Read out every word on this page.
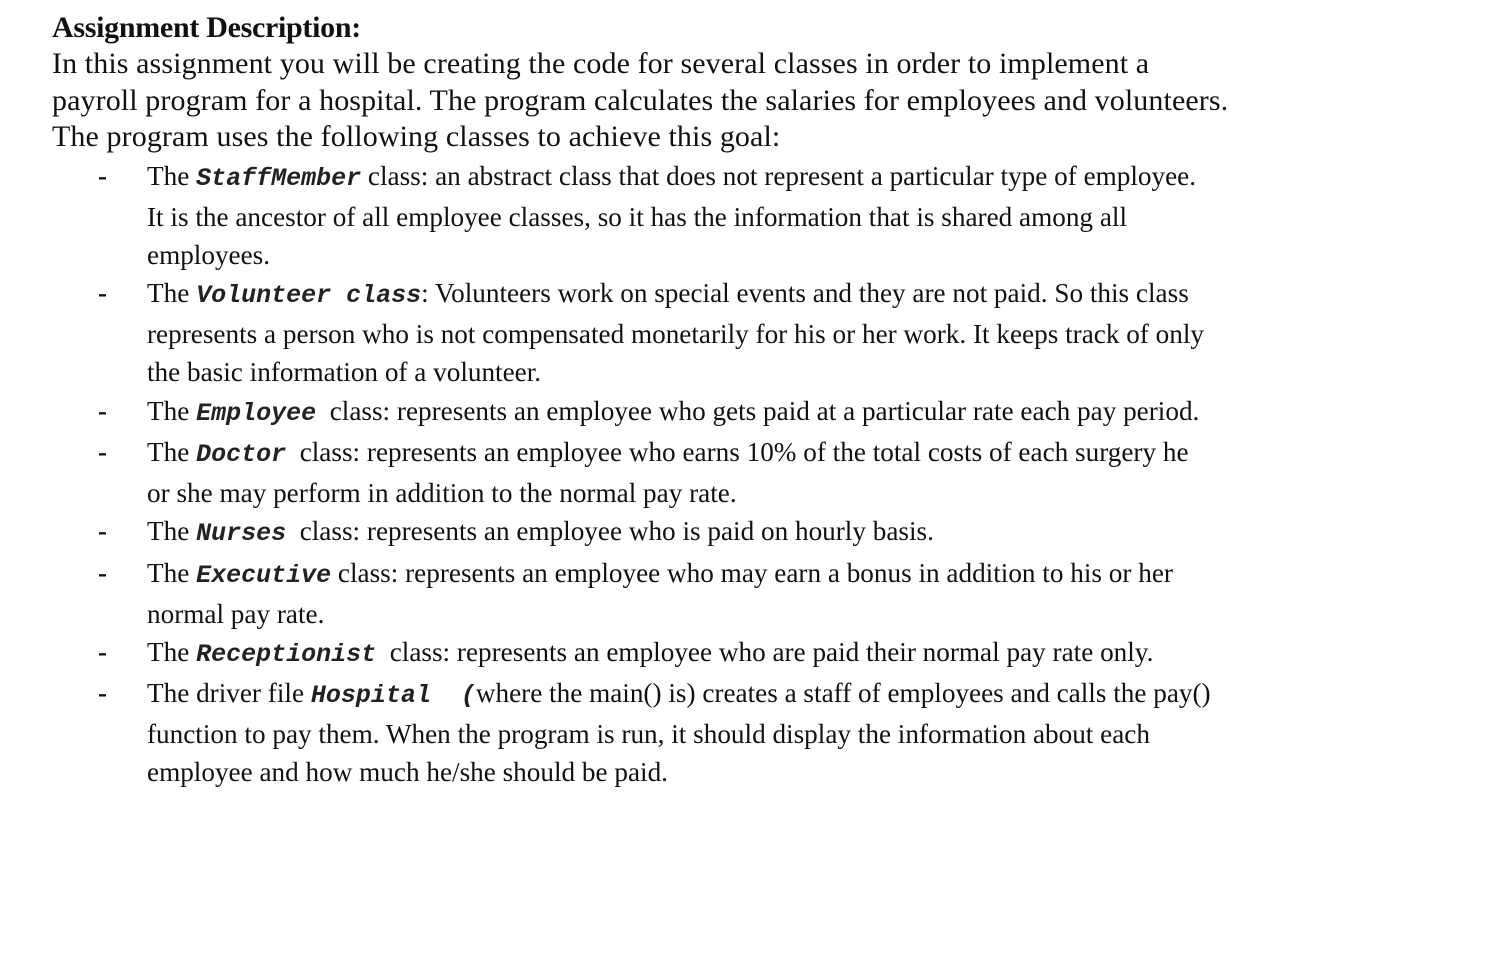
Assignment Description:
In this assignment you will be creating the code for several classes in order to implement a
payroll program for a hospital. The program calculates the salaries for employees and volunteers.
The program uses the following classes to achieve this goal:
- The StaffMember class: an abstract class that does not represent a particular type of employee.
It is the ancestor of all employee classes, so it has the information that is shared among all
employees.
- The Volunteer class: Volunteers work on special events and they are not paid. So this class
represents a person who is not compensated monetarily for his or her work. It keeps track of only
the basic information of a volunteer.
- The Employee  class: represents an employee who gets paid at a particular rate each pay period.
- The Doctor  class: represents an employee who earns 10% of the total costs of each surgery he
or she may perform in addition to the normal pay rate.
- The Nurses  class: represents an employee who is paid on hourly basis.
- The Executive class: represents an employee who may earn a bonus in addition to his or her
normal pay rate.
- The Receptionist  class: represents an employee who are paid their normal pay rate only.
- The driver file Hospital  (where the main() is) creates a staff of employees and calls the pay()
function to pay them. When the program is run, it should display the information about each
employee and how much he/she should be paid.
